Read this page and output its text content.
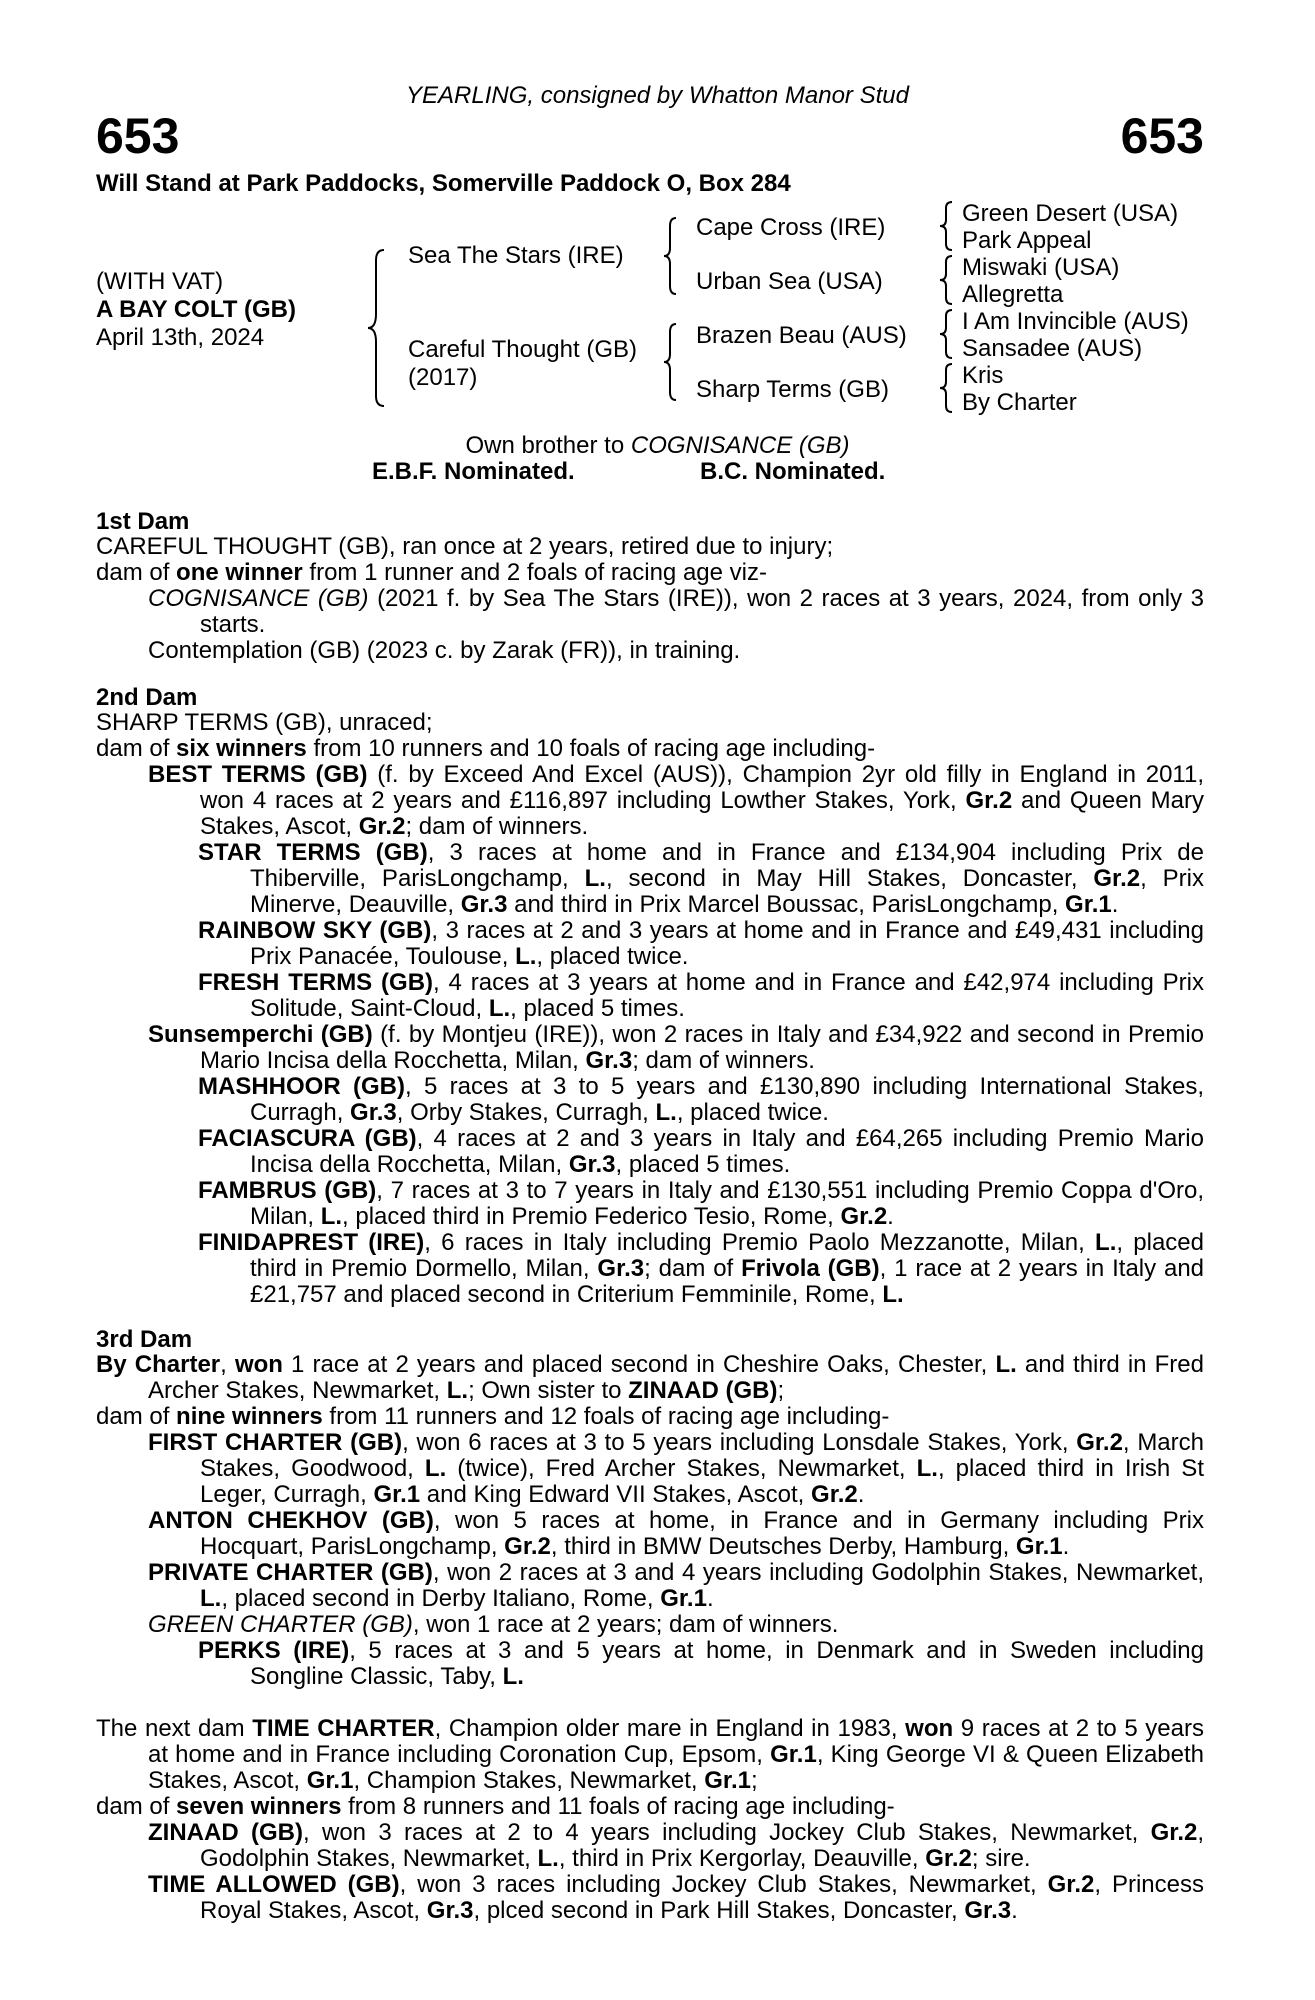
YEARLING, consigned by Whatton Manor Stud
653	653
Will Stand at Park Paddocks, Somerville Paddock O, Box 284
(WITH VAT)
A BAY COLT (GB)
April 13th, 2024
Sea The Stars (IRE)
Careful Thought (GB)
(2017)
Cape Cross (IRE)
Urban Sea (USA)
Brazen Beau (AUS)
Sharp Terms (GB)
Green Desert (USA)
Park Appeal
Miswaki (USA)
Allegretta
I Am Invincible (AUS)
Sansadee (AUS)
Kris
By Charter
Own brother to COGNISANCE (GB)
E.B.F. Nominated.	B.C. Nominated.
1st Dam

CAREFUL THOUGHT (GB), ran once at 2 years, retired due to injury;

dam of one winner from 1 runner and 2 foals of racing age viz-

COGNISANCE (GB) (2021 f. by Sea The Stars (IRE)), won 2 races at 3 years, 2024, from only 3 starts.

Contemplation (GB) (2023 c. by Zarak (FR)), in training.

2nd Dam

SHARP TERMS (GB), unraced;

dam of six winners from 10 runners and 10 foals of racing age including-

BEST TERMS (GB) (f. by Exceed And Excel (AUS)), Champion 2yr old filly in England in 2011, won 4 races at 2 years and £116,897 including Lowther Stakes, York, Gr.2 and Queen Mary Stakes, Ascot, Gr.2; dam of winners.

STAR TERMS (GB), 3 races at home and in France and £134,904 including Prix de Thiberville, ParisLongchamp, L., second in May Hill Stakes, Doncaster, Gr.2, Prix Minerve, Deauville, Gr.3 and third in Prix Marcel Boussac, ParisLongchamp, Gr.1.

RAINBOW SKY (GB), 3 races at 2 and 3 years at home and in France and £49,431 including Prix Panacée, Toulouse, L., placed twice.

FRESH TERMS (GB), 4 races at 3 years at home and in France and £42,974 including Prix Solitude, Saint-Cloud, L., placed 5 times.

Sunsemperchi (GB) (f. by Montjeu (IRE)), won 2 races in Italy and £34,922 and second in Premio Mario Incisa della Rocchetta, Milan, Gr.3; dam of winners.

MASHHOOR (GB), 5 races at 3 to 5 years and £130,890 including International Stakes, Curragh, Gr.3, Orby Stakes, Curragh, L., placed twice.

FACIASCURA (GB), 4 races at 2 and 3 years in Italy and £64,265 including Premio Mario Incisa della Rocchetta, Milan, Gr.3, placed 5 times.

FAMBRUS (GB), 7 races at 3 to 7 years in Italy and £130,551 including Premio Coppa d'Oro, Milan, L., placed third in Premio Federico Tesio, Rome, Gr.2.

FINIDAPREST (IRE), 6 races in Italy including Premio Paolo Mezzanotte, Milan, L., placed third in Premio Dormello, Milan, Gr.3; dam of Frivola (GB), 1 race at 2 years in Italy and £21,757 and placed second in Criterium Femminile, Rome, L.

3rd Dam

By Charter, won 1 race at 2 years and placed second in Cheshire Oaks, Chester, L. and third in Fred Archer Stakes, Newmarket, L.; Own sister to ZINAAD (GB);

dam of nine winners from 11 runners and 12 foals of racing age including-

FIRST CHARTER (GB), won 6 races at 3 to 5 years including Lonsdale Stakes, York, Gr.2, March Stakes, Goodwood, L. (twice), Fred Archer Stakes, Newmarket, L., placed third in Irish St Leger, Curragh, Gr.1 and King Edward VII Stakes, Ascot, Gr.2.

ANTON CHEKHOV (GB), won 5 races at home, in France and in Germany including Prix Hocquart, ParisLongchamp, Gr.2, third in BMW Deutsches Derby, Hamburg, Gr.1.

PRIVATE CHARTER (GB), won 2 races at 3 and 4 years including Godolphin Stakes, Newmarket, L., placed second in Derby Italiano, Rome, Gr.1.

GREEN CHARTER (GB), won 1 race at 2 years; dam of winners.

PERKS (IRE), 5 races at 3 and 5 years at home, in Denmark and in Sweden including Songline Classic, Taby, L.

The next dam TIME CHARTER, Champion older mare in England in 1983, won 9 races at 2 to 5 years at home and in France including Coronation Cup, Epsom, Gr.1, King George VI & Queen Elizabeth Stakes, Ascot, Gr.1, Champion Stakes, Newmarket, Gr.1;

dam of seven winners from 8 runners and 11 foals of racing age including-

ZINAAD (GB), won 3 races at 2 to 4 years including Jockey Club Stakes, Newmarket, Gr.2, Godolphin Stakes, Newmarket, L., third in Prix Kergorlay, Deauville, Gr.2; sire.

TIME ALLOWED (GB), won 3 races including Jockey Club Stakes, Newmarket, Gr.2, Princess Royal Stakes, Ascot, Gr.3, plced second in Park Hill Stakes, Doncaster, Gr.3.
